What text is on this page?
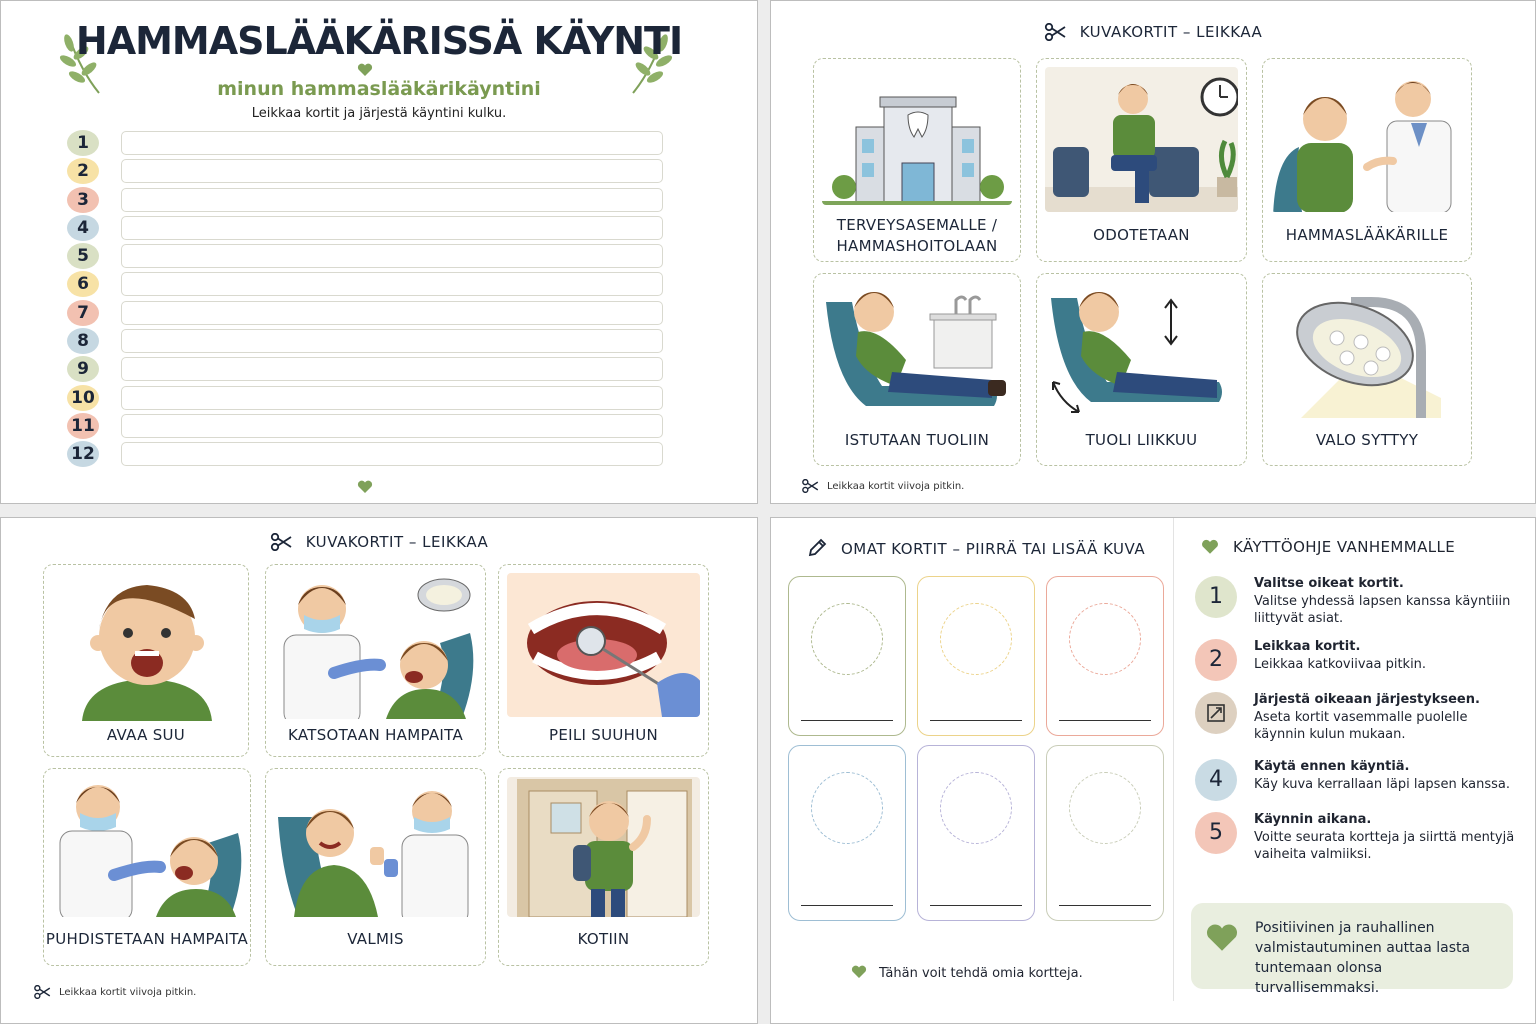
HAMMASLÄÄKÄRISSÄ KÄYNTI
minun hammaslääkärikäyntini
Leikkaa kortit ja järjestä käyntini kulku.
1
2
3
4
5
6
7
8
9
10
11
12
KUVAKORTIT – LEIKKAA
TERVEYSASEMALLE / HAMMASHOITOLAAN
ODOTETAAN	HAMMASLÄÄKÄRILLE
ISTUTAAN TUOLIIN	TUOLI LIIKKUU	VALO SYTTYY
Leikkaa kortit viivoja pitkin.
KUVAKORTIT – LEIKKAA
AVAA SUU	KATSOTAAN HAMPAITA	PEILI SUUHUN
PUHDISTETAAN HAMPAITA	VALMIS	KOTIIN
Leikkaa kortit viivoja pitkin.
OMAT KORTIT – PIIRRÄ TAI LISÄÄ KUVA
Tähän voit tehdä omia kortteja.
KÄYTTÖOHJE VANHEMMALLE
1
Valitse oikeat kortit.
Valitse yhdessä lapsen kanssa käyntiiin liittyvät asiat.
2
Leikkaa kortit.
Leikkaa katkoviivaa pitkin.
Järjestä oikeaan järjestykseen.
Aseta kortit vasemmalle puolelle käynnin kulun mukaan.
4
Käytä ennen käyntiä.
Käy kuva kerrallaan läpi lapsen kanssa.
5
Käynnin aikana.
Voitte seurata kortteja ja siirttä mentyjä vaiheita valmiiksi.
Positiivinen ja rauhallinen valmistautuminen auttaa lasta tuntemaan olonsa turvallisemmaksi.
